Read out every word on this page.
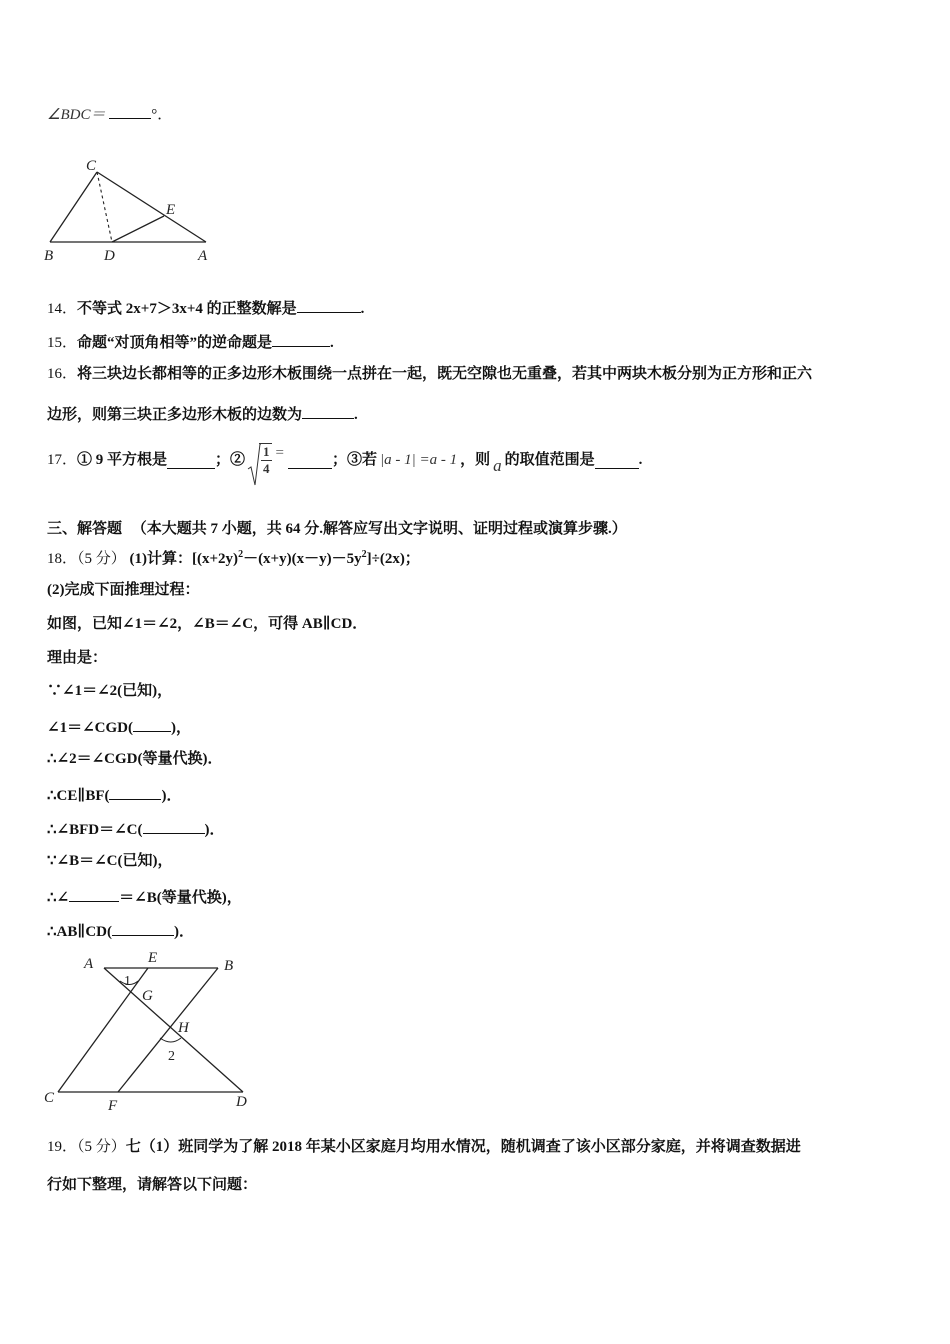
∠BDC＝	°．
C
E
B	D	A
14．不等式 2x+7＞3x+4 的正整数解是	.
15．命题“对顶角相等”的逆命题是	.
16．将三块边长都相等的正多边形木板围绕一点拼在一起，既无空隙也无重叠，若其中两块木板分别为正方形和正六
边形，则第三块正多边形木板的边数为	.
17． ① 9 平方根是	；② $\frac{1}{4}$ =	；③若 |a - 1| =a - 1 ，则 a 的取值范围是	.
三、解答题 （本大题共 7 小题，共 64 分.解答应写出文字说明、证明过程或演算步骤.）
18．（5 分） (1)计算：$[(x+2y)^2-(x+y)(x-y)-5y^2]\div(2x)$；
(2)完成下面推理过程：
如图，已知∠1＝∠2，∠B＝∠C，可得 AB∥CD．
理由是：
∵∠1＝∠2(已知)，
∠1＝∠CGD(	)，
∴∠2＝∠CGD(等量代换)．
∴CE∥BF(	)．
∴∠BFD＝∠C(	)．
∵∠B＝∠C(已知)，
∴∠	＝∠B(等量代换)，
∴AB∥CD(	)．
A	E	B
1
G
H
2
C	F	D
19．（5 分）七（1）班同学为了解 2018 年某小区家庭月均用水情况，随机调查了该小区部分家庭，并将调查数据进
行如下整理，请解答以下问题：
